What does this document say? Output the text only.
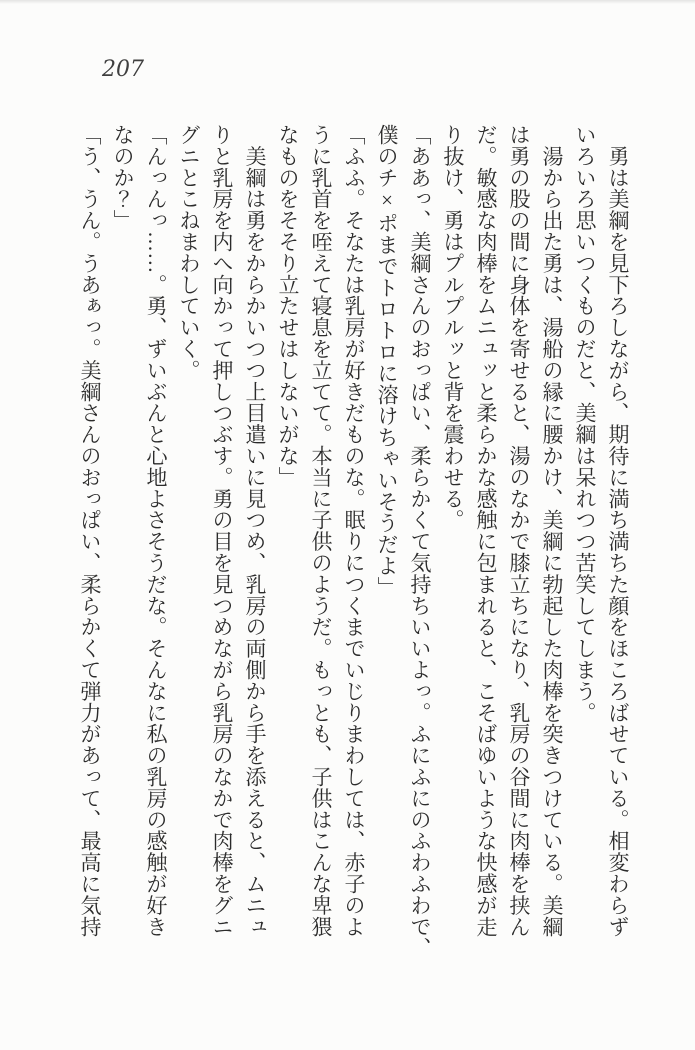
207
　勇は美綱を見下ろしながら、期待に満ち満ちた顔をほころばせている。相変わらず
いろいろ思いつくものだと、美綱は呆れつつ苦笑してしまう。
　湯から出た勇は、湯船の縁に腰かけ、美綱に勃起した肉棒を突きつけている。美綱
は勇の股の間に身体を寄せると、湯のなかで膝立ちになり、乳房の谷間に肉棒を挟ん
だ。敏感な肉棒をムニュッと柔らかな感触に包まれると、こそばゆいような快感が走
り抜け、勇はプルプルッと背を震わせる。
「ああっ、美綱さんのおっぱい、柔らかくて気持ちいいよっ。ふにふにのふわふわで、
僕のチ×ポまでトロトロに溶けちゃいそうだよ」
「ふふ。そなたは乳房が好きだものな。眠りにつくまでいじりまわしては、赤子のよ
うに乳首を咥えて寝息を立てて。本当に子供のようだ。もっとも、子供はこんな卑猥
なものをそそり立たせはしないがな」
　美綱は勇をからかいつつ上目遣いに見つめ、乳房の両側から手を添えると、ムニュ
りと乳房を内へ向かって押しつぶす。勇の目を見つめながら乳房のなかで肉棒をグニ
グニとこねまわしていく。
「んっんっ……。勇、ずいぶんと心地よさそうだな。そんなに私の乳房の感触が好き
なのか？」
「う、うん。うあぁっ。美綱さんのおっぱい、柔らかくて弾力があって、最高に気持
